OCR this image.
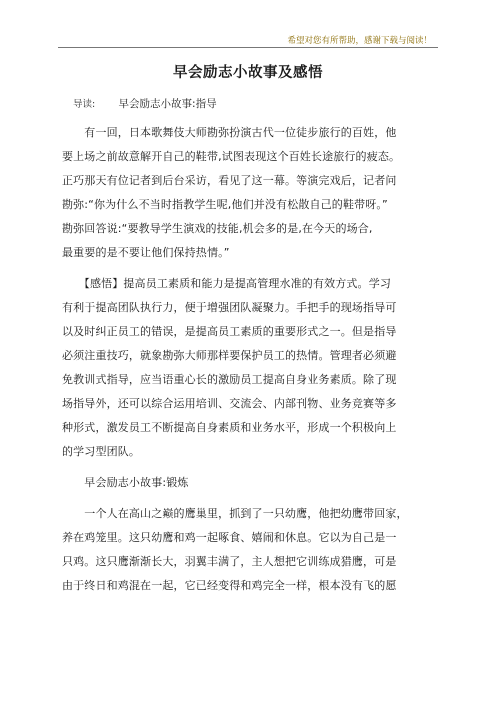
希望对您有所帮助，感谢下载与阅读！
早会励志小故事及感悟
导读: 早会励志小故事:指导
　　有一回，日本歌舞伎大师勘弥扮演古代一位徒步旅行的百姓，他
要上场之前故意解开自己的鞋带,试图表现这个百姓长途旅行的疲态。
正巧那天有位记者到后台采访，看见了这一幕。等演完戏后，记者问
勘弥:“你为什么不当时指教学生呢,他们并没有松散自己的鞋带呀。”
勘弥回答说:“要教导学生演戏的技能,机会多的是,在今天的场合,
最重要的是不要让他们保持热情。”
　　【感悟】提高员工素质和能力是提高管理水准的有效方式。学习
有利于提高团队执行力，便于增强团队凝聚力。手把手的现场指导可
以及时纠正员工的错误，是提高员工素质的重要形式之一。但是指导
必须注重技巧，就象勘弥大师那样要保护员工的热情。管理者必须避
免教训式指导，应当语重心长的激励员工提高自身业务素质。除了现
场指导外，还可以综合运用培训、交流会、内部刊物、业务竞赛等多
种形式，激发员工不断提高自身素质和业务水平，形成一个积极向上
的学习型团队。
　　早会励志小故事:锻炼
　　一个人在高山之巅的鹰巢里，抓到了一只幼鹰，他把幼鹰带回家，
养在鸡笼里。这只幼鹰和鸡一起啄食、嬉闹和休息。它以为自己是一
只鸡。这只鹰渐渐长大，羽翼丰满了，主人想把它训练成猎鹰，可是
由于终日和鸡混在一起，它已经变得和鸡完全一样，根本没有飞的愿
